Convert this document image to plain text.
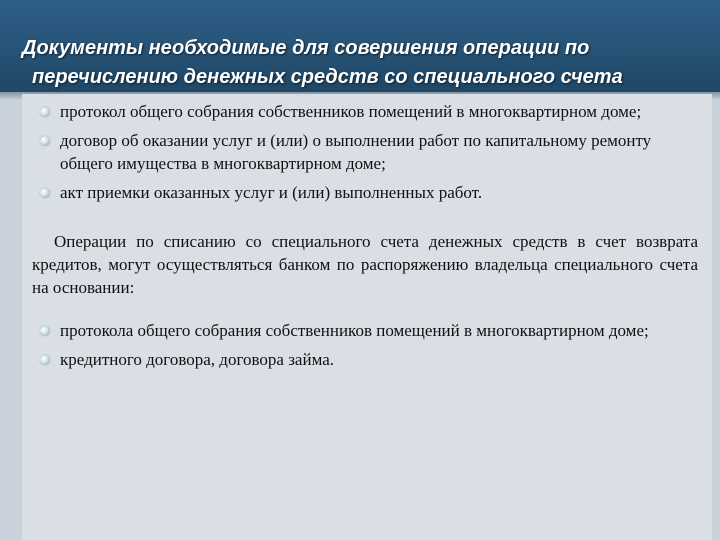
Документы необходимые для совершения операции по
перечислению денежных средств со специального счета
протокол общего собрания собственников помещений в многоквартирном доме;
договор об оказании услуг и (или) о выполнении работ по капитальному ремонту общего имущества в многоквартирном доме;
акт приемки оказанных услуг и (или) выполненных работ.

Операции по списанию со специального счета денежных средств в счет возврата кредитов, могут осуществляться банком по распоряжению владельца специального счета на основании:

протокола общего собрания собственников помещений в многоквартирном доме;
кредитного договора, договора займа.
